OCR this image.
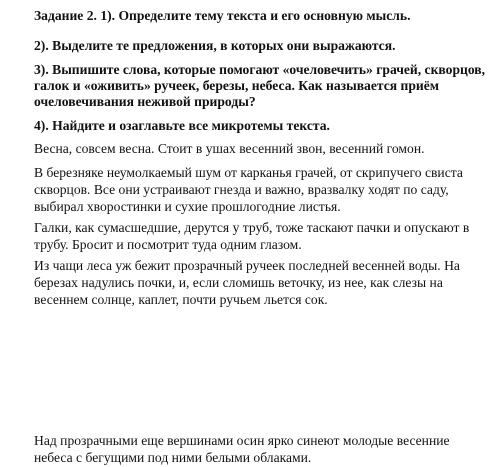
Задание 2. 1). Определите тему текста и его основную мысль.
2). Выделите те предложения, в которых они выражаются.
3). Выпишите слова, которые помогают «очеловечить» грачей, скворцов, галок и «оживить» ручеек, березы, небеса. Как называется приём очеловечивания неживой природы?
4). Найдите и озаглавьте все микротемы текста.
Весна, совсем весна. Стоит в ушах весенний звон, весенний гомон.
В березняке неумолкаемый шум от карканья грачей, от скрипучего свиста скворцов. Все они устраивают гнезда и важно, вразвалку ходят по саду, выбирал хворостинки и сухие прошлогодние листья.
Галки, как сумасшедшие, дерутся у труб, тоже таскают пачки и опускают в трубу. Бросит и посмотрит туда одним глазом.
Из чащи леса уж бежит прозрачный ручеек последней весенней воды. На березах надулись почки, и, если сломишь веточку, из нее, как слезы на весеннем солнце, каплет, почти ручьем льется сок.
Над прозрачными еще вершинами осин ярко синеют молодые весенние небеса с бегущими под ними белыми облаками.
